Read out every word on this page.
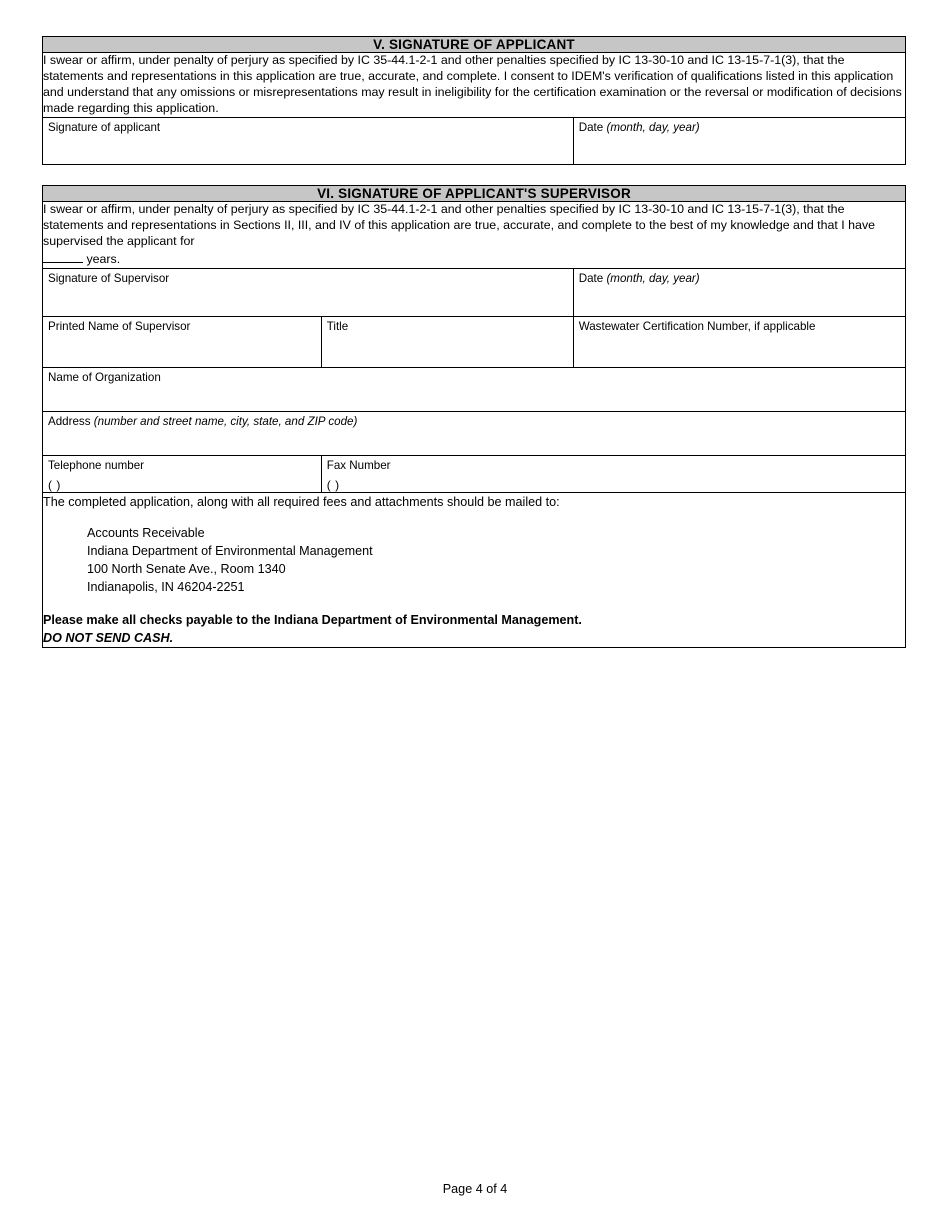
V. SIGNATURE OF APPLICANT
I swear or affirm, under penalty of perjury as specified by IC 35-44.1-2-1 and other penalties specified by IC 13-30-10 and IC 13-15-7-1(3), that the statements and representations in this application are true, accurate, and complete. I consent to IDEM's verification of qualifications listed in this application and understand that any omissions or misrepresentations may result in ineligibility for the certification examination or the reversal or modification of decisions made regarding this application.

Signature of applicant	Date (month, day, year)
VI. SIGNATURE OF APPLICANT'S SUPERVISOR		
I swear or affirm, under penalty of perjury as specified by IC 35-44.1-2-1 and other penalties specified by IC 13-30-10 and IC 13-15-7-1(3), that the statements and representations in Sections II, III, and IV of this application are true, accurate, and complete to the best of my knowledge and that I have supervised the applicant for
years.		

Signature of Supervisor		Date (month, day, year)

Printed Name of Supervisor	Title	Wastewater Certification Number, if applicable

Name of Organization		

Address (number and street name, city, state, and ZIP code)		

Telephone number
( )

Fax Number
( )

The completed application, along with all required fees and attachments should be mailed to:
Accounts Receivable
Indiana Department of Environmental Management
100 North Senate Ave., Room 1340
Indianapolis, IN 46204-2251
Please make all checks payable to the Indiana Department of Environmental Management.
DO NOT SEND CASH.
Page 4 of 4
